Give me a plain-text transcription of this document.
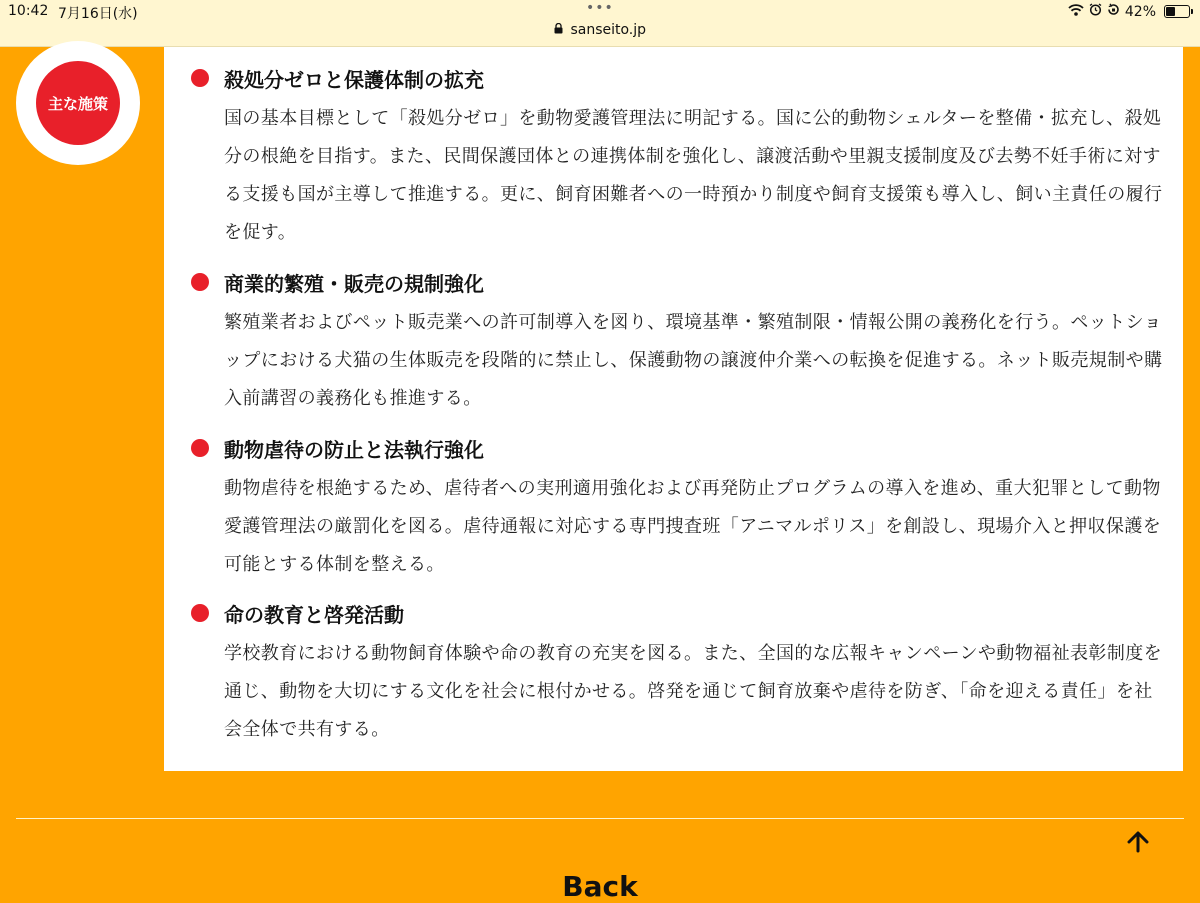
10:42 7月16日(水)	•••
sanseito.jp
42%
主な施策
殺処分ゼロと保護体制の拡充
国の基本目標として「殺処分ゼロ」を動物愛護管理法に明記する。国に公的動物シェルターを整備・拡充し、殺処分の根絶を目指す。また、民間保護団体との連携体制を強化し、譲渡活動や里親支援制度及び去勢不妊手術に対する支援も国が主導して推進する。更に、飼育困難者への一時預かり制度や飼育支援策も導入し、飼い主責任の履行を促す。
商業的繁殖・販売の規制強化
繁殖業者およびペット販売業への許可制導入を図り、環境基準・繁殖制限・情報公開の義務化を行う。ペットショップにおける犬猫の生体販売を段階的に禁止し、保護動物の譲渡仲介業への転換を促進する。ネット販売規制や購入前講習の義務化も推進する。
動物虐待の防止と法執行強化
動物虐待を根絶するため、虐待者への実刑適用強化および再発防止プログラムの導入を進め、重大犯罪として動物愛護管理法の厳罰化を図る。虐待通報に対応する専門捜査班「アニマルポリス」を創設し、現場介入と押収保護を可能とする体制を整える。
命の教育と啓発活動
学校教育における動物飼育体験や命の教育の充実を図る。また、全国的な広報キャンペーンや動物福祉表彰制度を通じ、動物を大切にする文化を社会に根付かせる。啓発を通じて飼育放棄や虐待を防ぎ、「命を迎える責任」を社会全体で共有する。
Back
